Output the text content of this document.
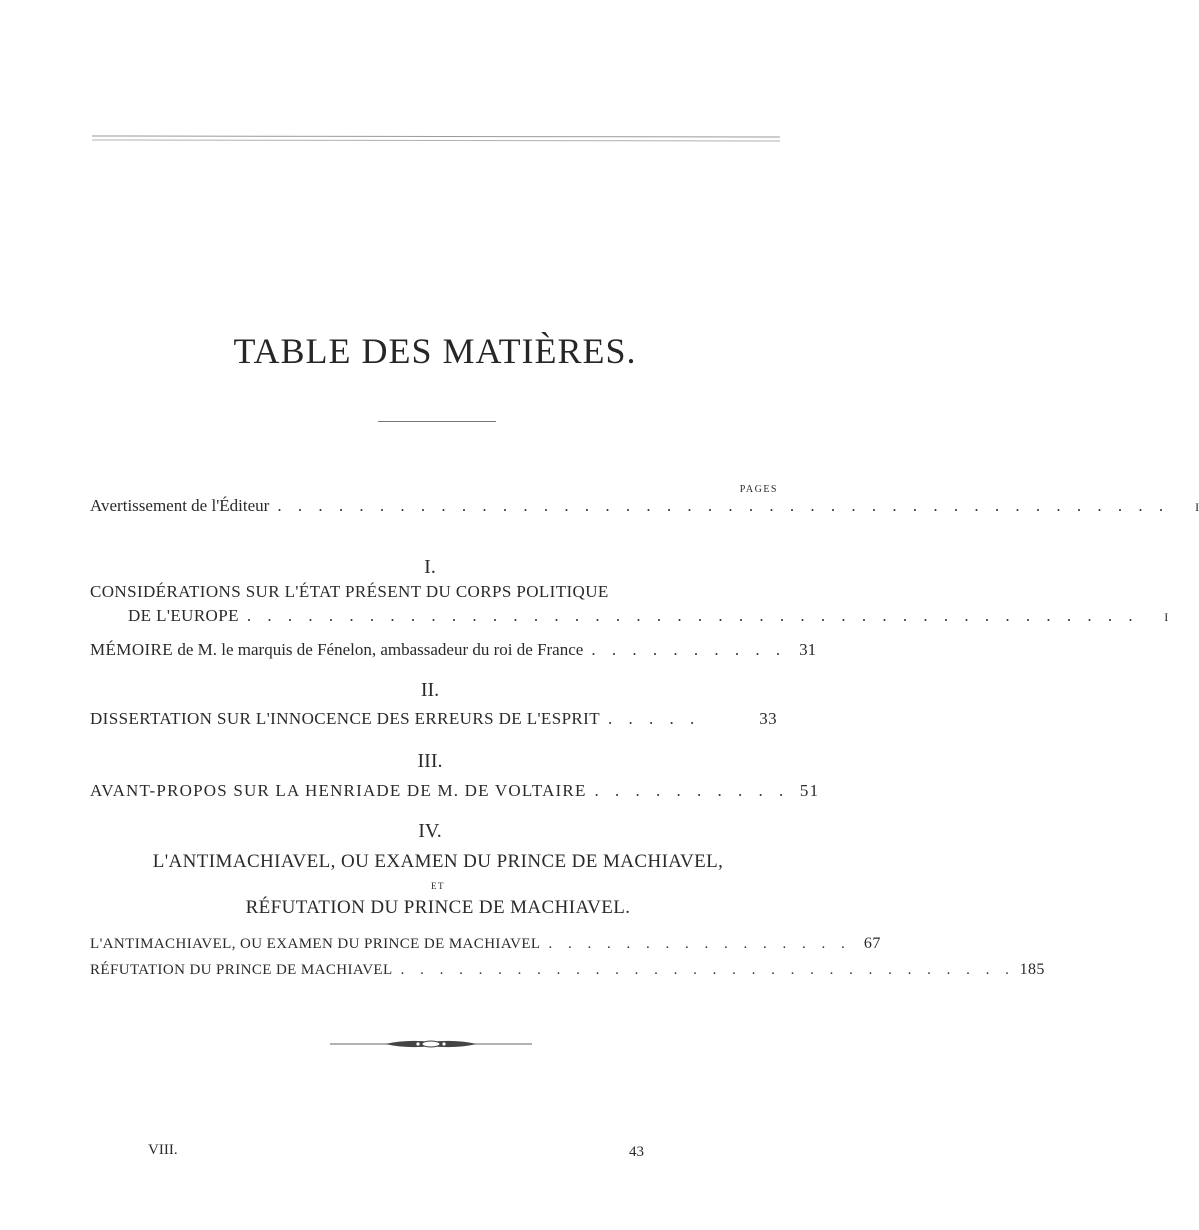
TABLE DES MATIÈRES.
PAGES
Avertissement de l'Éditeur . . . . . . . . . . . . . . . . . . . . . . . . . . . . . . . . . . . . . . . . . . . .	I
I.
CONSIDÉRATIONS SUR L'ÉTAT PRÉSENT DU CORPS POLITIQUE
DE L'EUROPE . . . . . . . . . . . . . . . . . . . . . . . . . . . . . . . . . . . . . . . . . . . .	I
MÉMOIRE de M. le marquis de Fénelon, ambassadeur du roi de France . . . . . . . . . . 31
II.
DISSERTATION SUR L'INNOCENCE DES ERREURS DE L'ESPRIT . . . . .	33
III.
AVANT-PROPOS SUR LA HENRIADE DE M. DE VOLTAIRE . . . . . . . . . . 51
IV.
L'ANTIMACHIAVEL, OU EXAMEN DU PRINCE DE MACHIAVEL,
ET
RÉFUTATION DU PRINCE DE MACHIAVEL.
L'ANTIMACHIAVEL, OU EXAMEN DU PRINCE DE MACHIAVEL . . . . . . . . . . . . . . . . 67
RÉFUTATION DU PRINCE DE MACHIAVEL . . . . . . . . . . . . . . . . . . . . . . . . . . . . . . . . 185
VIII.	43
